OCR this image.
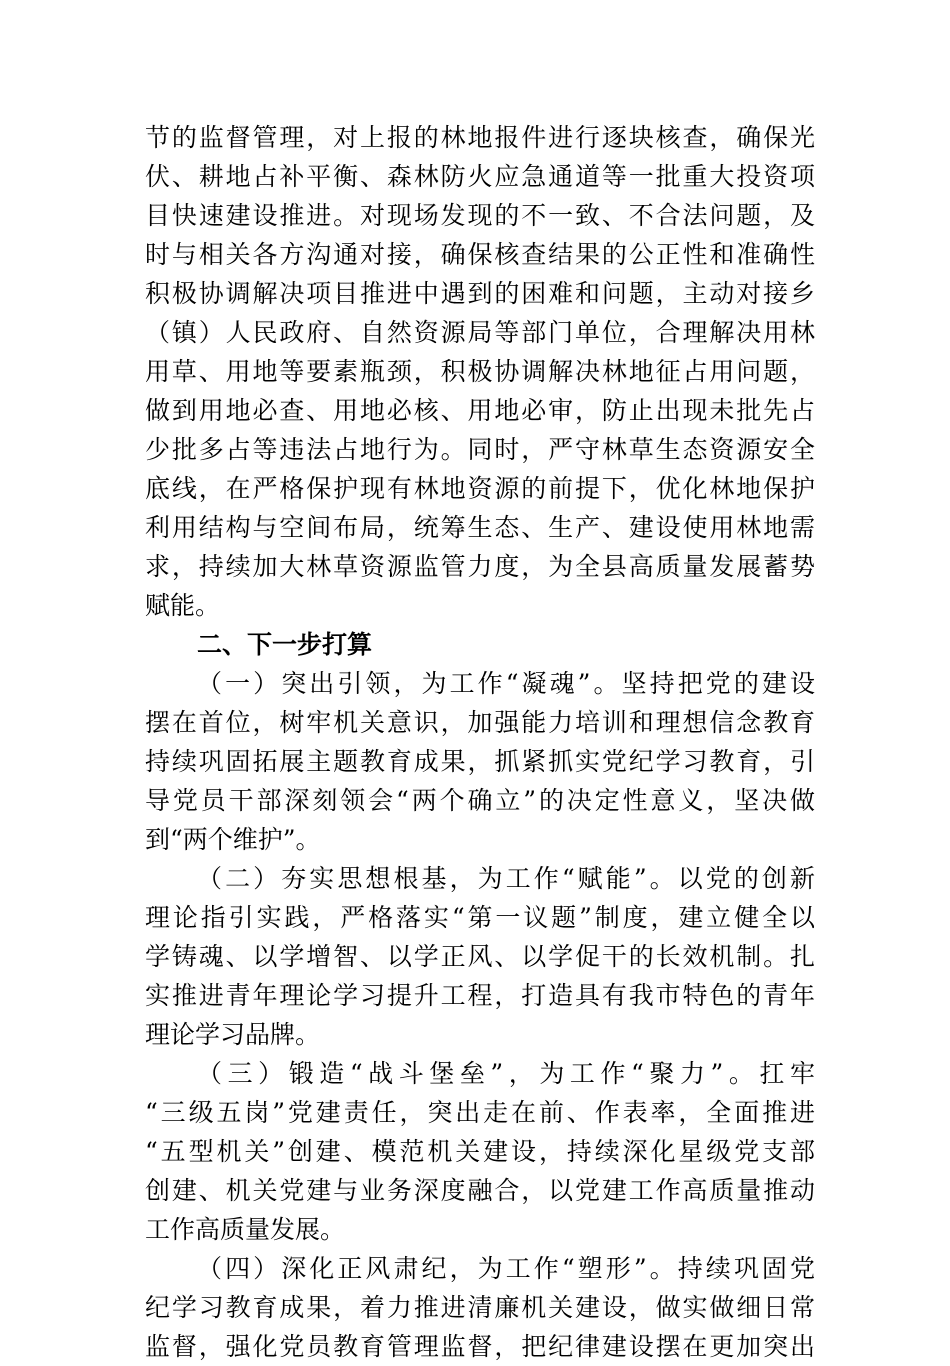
节的监督管理，对上报的林地报件进行逐块核查，确保光
伏、耕地占补平衡、森林防火应急通道等一批重大投资项
目快速建设推进。对现场发现的不一致、不合法问题，及
时与相关各方沟通对接，确保核查结果的公正性和准确性
积极协调解决项目推进中遇到的困难和问题，主动对接乡
（镇）人民政府、自然资源局等部门单位，合理解决用林
用草、用地等要素瓶颈，积极协调解决林地征占用问题，
做到用地必查、用地必核、用地必审，防止出现未批先占
少批多占等违法占地行为。同时，严守林草生态资源安全
底线，在严格保护现有林地资源的前提下，优化林地保护
利用结构与空间布局，统筹生态、生产、建设使用林地需
求，持续加大林草资源监管力度，为全县高质量发展蓄势
赋能。
二、下一步打算
（一）突出引领，为工作“凝魂”。坚持把党的建设
摆在首位，树牢机关意识，加强能力培训和理想信念教育
持续巩固拓展主题教育成果，抓紧抓实党纪学习教育，引
导党员干部深刻领会“两个确立”的决定性意义，坚决做
到“两个维护”。
（二）夯实思想根基，为工作“赋能”。以党的创新
理论指引实践，严格落实“第一议题”制度，建立健全以
学铸魂、以学增智、以学正风、以学促干的长效机制。扎
实推进青年理论学习提升工程，打造具有我市特色的青年
理论学习品牌。
（三）锻造“战斗堡垒”，为工作“聚力”。扛牢
“三级五岗”党建责任，突出走在前、作表率，全面推进
“五型机关”创建、模范机关建设，持续深化星级党支部
创建、机关党建与业务深度融合，以党建工作高质量推动
工作高质量发展。
（四）深化正风肃纪，为工作“塑形”。持续巩固党
纪学习教育成果，着力推进清廉机关建设，做实做细日常
监督，强化党员教育管理监督，把纪律建设摆在更加突出
